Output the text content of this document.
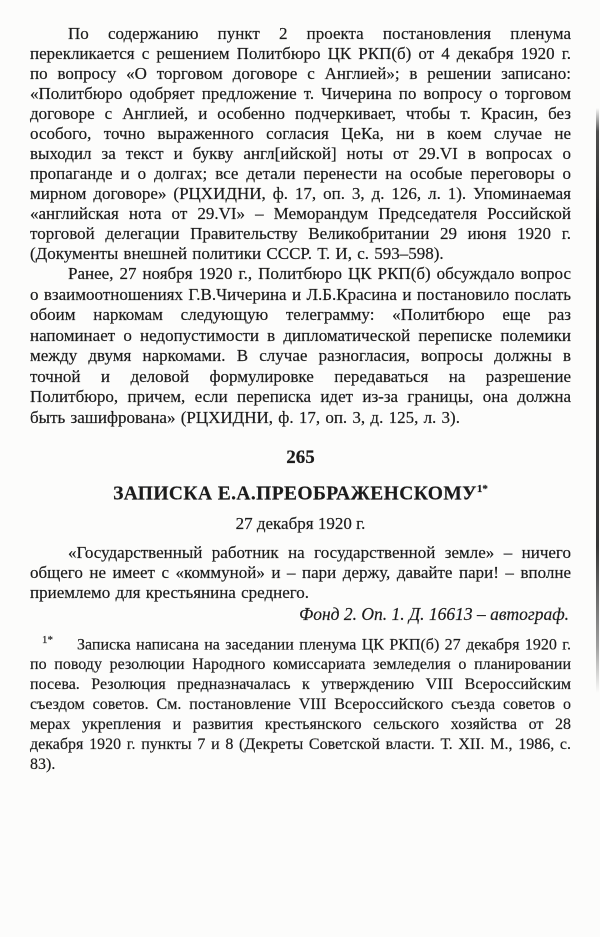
По содержанию пункт 2 проекта постановления пленума перекликается с решением Политбюро ЦК РКП(б) от 4 декабря 1920 г. по вопросу «О торговом договоре с Англией»; в решении записано: «Политбюро одобряет предложение т. Чичерина по вопросу о торговом договоре с Англией, и особенно подчеркивает, чтобы т. Красин, без особого, точно выраженного согласия ЦеКа, ни в коем случае не выходил за текст и букву англ[ийской] ноты от 29.VI в вопросах о пропаганде и о долгах; все детали перенести на особые переговоры о мирном договоре» (РЦХИДНИ, ф. 17, оп. 3, д. 126, л. 1). Упоминаемая «английская нота от 29.VI» – Меморандум Председателя Российской торговой делегации Правительству Великобритании 29 июня 1920 г. (Документы внешней политики СССР. Т. И, с. 593–598).

Ранее, 27 ноября 1920 г., Политбюро ЦК РКП(б) обсуждало вопрос о взаимоотношениях Г.В.Чичерина и Л.Б.Красина и постановило послать обоим наркомам следующую телеграмму: «Политбюро еще раз напоминает о недопустимости в дипломатической переписке полемики между двумя наркомами. В случае разногласия, вопросы должны в точной и деловой формулировке передаваться на разрешение Политбюро, причем, если переписка идет из-за границы, она должна быть зашифрована» (РЦХИДНИ, ф. 17, оп. 3, д. 125, л. 3).

265
ЗАПИСКА $Е.А.ПРЕОБРАЖЕНСКОМУ^{1*}$
27 декабря 1920 г.

«Государственный работник на государственной земле» – ничего общего не имеет с «коммуной» и – пари держу, давайте пари! – вполне приемлемо для крестьянина среднего.

Фонд 2. Оп. 1. Д. 16613 – автограф.

$^{1*}$ Записка написана на заседании пленума ЦК РКП(б) 27 декабря 1920 г. по поводу резолюции Народного комиссариата земледелия о планировании посева. Резолюция предназначалась к утверждению VIII Всероссийским съездом советов. См. постановление VIII Всероссийского съезда советов о мерах укрепления и развития крестьянского сельского хозяйства от 28 декабря 1920 г. пункты 7 и 8 (Декреты Советской власти. Т. XII. М., 1986, с. 83).
